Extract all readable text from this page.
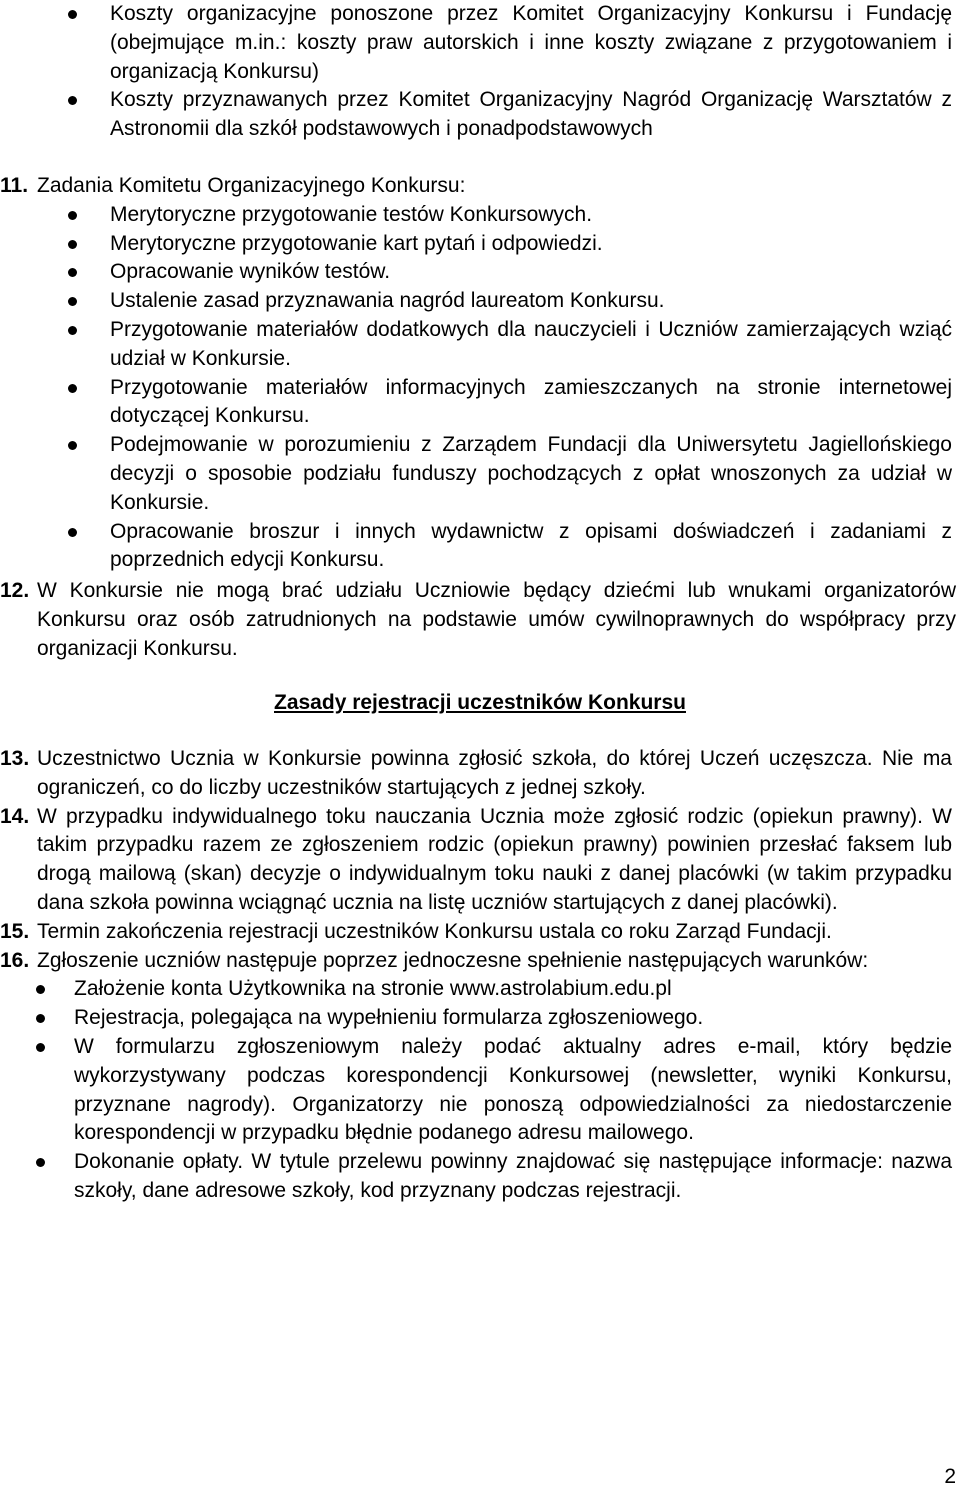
Koszty organizacyjne ponoszone przez Komitet Organizacyjny Konkursu i Fundację (obejmujące m.in.: koszty praw autorskich i inne koszty związane z przygotowaniem i organizacją Konkursu)
Koszty przyznawanych przez Komitet Organizacyjny Nagród Organizację Warsztatów z Astronomii dla szkół podstawowych i ponadpodstawowych
11. Zadania Komitetu Organizacyjnego Konkursu:

Merytoryczne przygotowanie testów Konkursowych.
Merytoryczne przygotowanie kart pytań i odpowiedzi.
Opracowanie wyników testów.
Ustalenie zasad przyznawania nagród laureatom Konkursu.
Przygotowanie materiałów dodatkowych dla nauczycieli i Uczniów zamierzających wziąć udział w Konkursie.
Przygotowanie materiałów informacyjnych zamieszczanych na stronie internetowej dotyczącej Konkursu.
Podejmowanie w porozumieniu z Zarządem Fundacji dla Uniwersytetu Jagiellońskiego decyzji o sposobie podziału funduszy pochodzących z opłat wnoszonych za udział w Konkursie.
Opracowanie broszur i innych wydawnictw z opisami doświadczeń i zadaniami z poprzednich edycji Konkursu.
12. W Konkursie nie mogą brać udziału Uczniowie będący dziećmi lub wnukami organizatorów Konkursu oraz osób zatrudnionych na podstawie umów cywilnoprawnych do współpracy przy organizacji Konkursu.

Zasady rejestracji uczestników Konkursu

13. Uczestnictwo Ucznia w Konkursie powinna zgłosić szkoła, do której Uczeń uczęszcza. Nie ma ograniczeń, co do liczby uczestników startujących z jednej szkoły.

14. W przypadku indywidualnego toku nauczania Ucznia może zgłosić rodzic (opiekun prawny). W takim przypadku razem ze zgłoszeniem rodzic (opiekun prawny) powinien przesłać faksem lub drogą mailową (skan) decyzje o indywidualnym toku nauki z danej placówki (w takim przypadku dana szkoła powinna wciągnąć ucznia na listę uczniów startujących z danej placówki).

15. Termin zakończenia rejestracji uczestników Konkursu ustala co roku Zarząd Fundacji.

16. Zgłoszenie uczniów następuje poprzez jednoczesne spełnienie następujących warunków:

Założenie konta Użytkownika na stronie www.astrolabium.edu.pl
Rejestracja, polegająca na wypełnieniu formularza zgłoszeniowego.
W formularzu zgłoszeniowym należy podać aktualny adres e-mail, który będzie wykorzystywany podczas korespondencji Konkursowej (newsletter, wyniki Konkursu, przyznane nagrody). Organizatorzy nie ponoszą odpowiedzialności za niedostarczenie korespondencji w przypadku błędnie podanego adresu mailowego.
Dokonanie opłaty. W tytule przelewu powinny znajdować się następujące informacje: nazwa szkoły, dane adresowe szkoły, kod przyznany podczas rejestracji.
2
